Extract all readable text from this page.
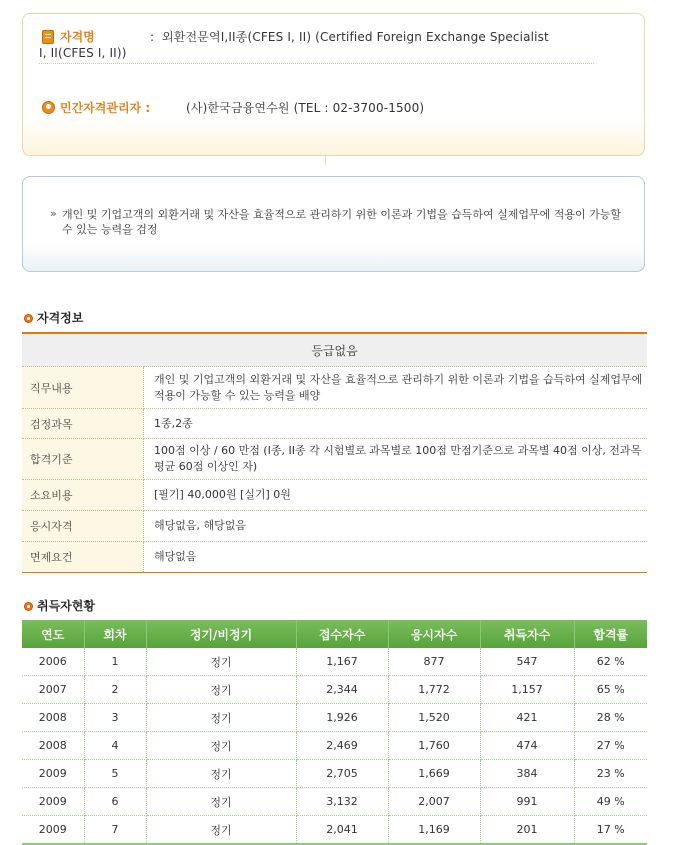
자격명	: 외환전문역I,II종(CFES I, II) (Certified Foreign Exchange Specialist
I, II(CFES I, II))
민간자격관리자 :	(사)한국금융연수원 (TEL : 02-3700-1500)
» 개인 및 기업고객의 외환거래 및 자산을 효율적으로 관리하기 위한 이론과 기법을 습득하여 실제업무에 적용이 가능할 수 있는 능력을 검정
자격정보
등급없음	
직무내용	개인 및 기업고객의 외환거래 및 자산을 효율적으로 관리하기 위한 이론과 기법을 습득하여 실제업무에 적용이 가능할 수 있는 능력을 배양
검정과목	1종,2종
합격기준	100점 이상 / 60 만점 (I종, II종 각 시험별로 과목별로 100점 만점기준으로 과목별 40점 이상, 전과목 평균 60점 이상인 자)
소요비용	[필기] 40,000원 [실기] 0원
응시자격	해당없음, 해당없음
면제요건	해당없음
취득자현황
연도	회차	정기/비정기	접수자수	응시자수	취득자수	합격률
2006	1	정기	1,167	877	547	62 %
2007	2	정기	2,344	1,772	1,157	65 %
2008	3	정기	1,926	1,520	421	28 %
2008	4	정기	2,469	1,760	474	27 %
2009	5	정기	2,705	1,669	384	23 %
2009	6	정기	3,132	2,007	991	49 %
2009	7	정기	2,041	1,169	201	17 %
